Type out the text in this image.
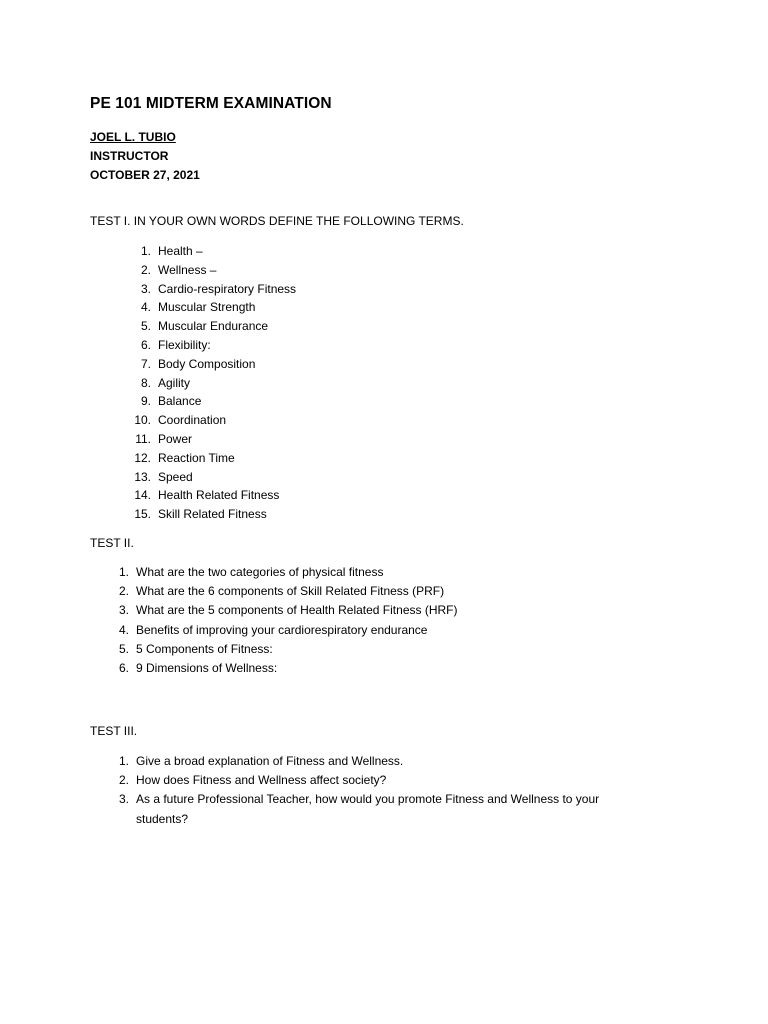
PE 101 MIDTERM EXAMINATION
JOEL L. TUBIO
INSTRUCTOR
OCTOBER 27, 2021
TEST I. IN YOUR OWN WORDS DEFINE THE FOLLOWING TERMS.
1. Health –
2. Wellness –
3. Cardio-respiratory Fitness
4. Muscular Strength
5. Muscular Endurance
6. Flexibility:
7. Body Composition
8. Agility
9. Balance
10. Coordination
11. Power
12. Reaction Time
13. Speed
14. Health Related Fitness
15. Skill Related Fitness
TEST II.
1. What are the two categories of physical fitness
2. What are the 6 components of Skill Related Fitness (PRF)
3. What are the 5 components of Health Related Fitness (HRF)
4. Benefits of improving your cardiorespiratory endurance
5. 5 Components of Fitness:
6. 9 Dimensions of Wellness:
TEST III.
1. Give a broad explanation of Fitness and Wellness.
2. How does Fitness and Wellness affect society?
3. As a future Professional Teacher, how would you promote Fitness and Wellness to your students?
